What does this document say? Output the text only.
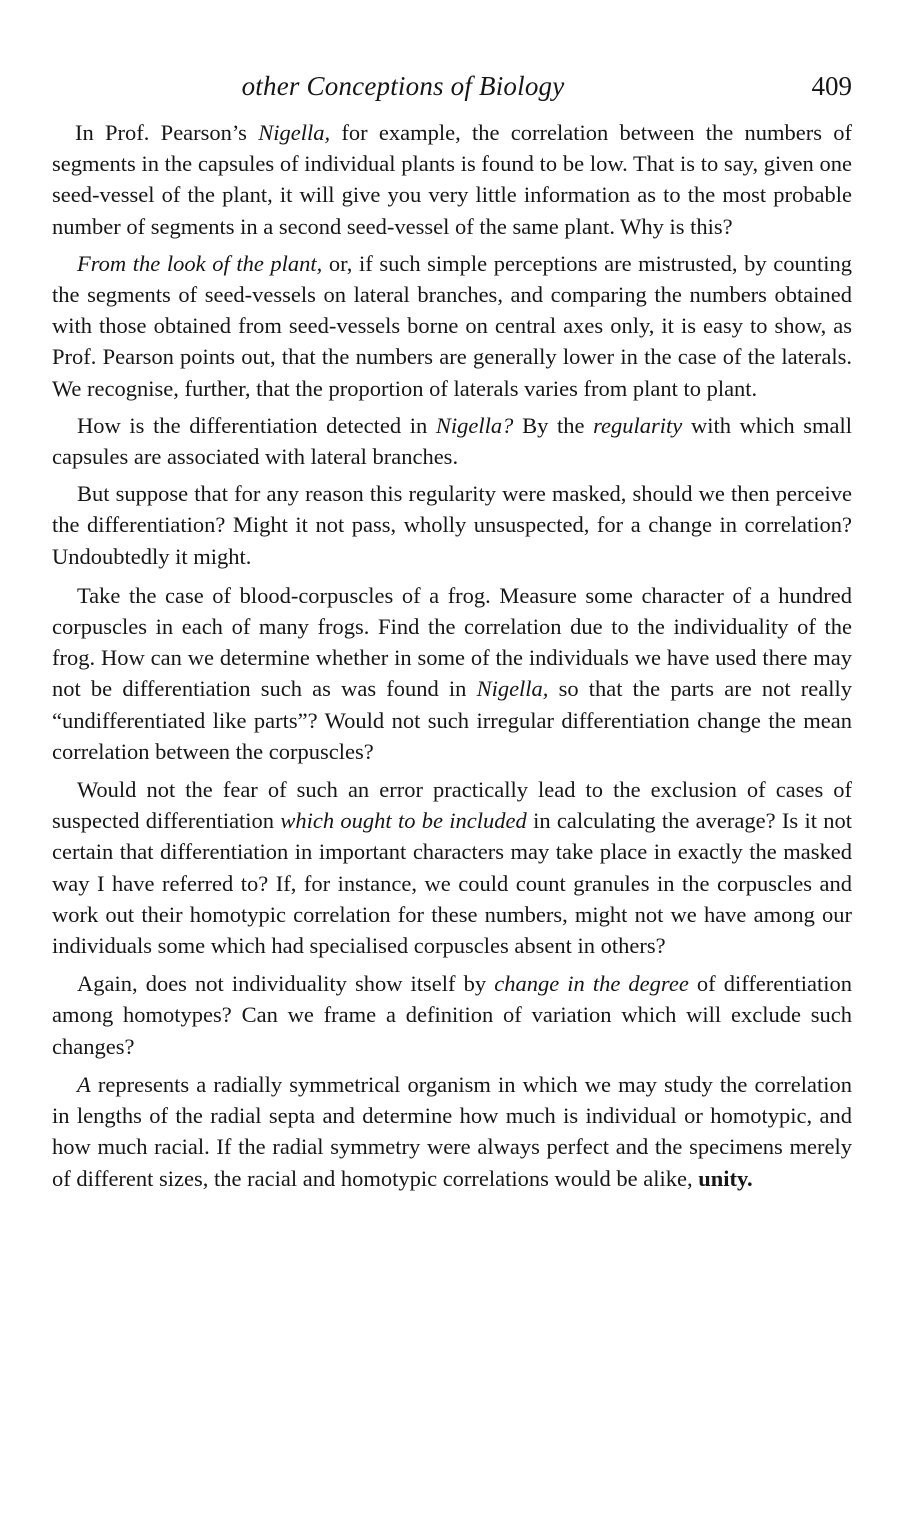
other Conceptions of Biology	409

In Prof. Pearson’s Nigella, for example, the correlation between the numbers of segments in the capsules of individual plants is found to be low. That is to say, given one seed-vessel of the plant, it will give you very little information as to the most probable number of segments in a second seed-vessel of the same plant. Why is this?

From the look of the plant, or, if such simple perceptions are mistrusted, by counting the segments of seed-vessels on lateral branches, and comparing the numbers obtained with those obtained from seed-vessels borne on central axes only, it is easy to show, as Prof. Pearson points out, that the numbers are generally lower in the case of the laterals. We recognise, further, that the proportion of laterals varies from plant to plant.

How is the differentiation detected in Nigella? By the regularity with which small capsules are associated with lateral branches.

But suppose that for any reason this regularity were masked, should we then perceive the differentiation? Might it not pass, wholly unsuspected, for a change in correlation? Undoubtedly it might.

Take the case of blood-corpuscles of a frog. Measure some character of a hundred corpuscles in each of many frogs. Find the correlation due to the individuality of the frog. How can we determine whether in some of the individuals we have used there may not be differentiation such as was found in Nigella, so that the parts are not really “undifferentiated like parts”? Would not such irregular differentiation change the mean correlation between the corpuscles?

Would not the fear of such an error practically lead to the exclusion of cases of suspected differentiation which ought to be included in calculating the average? Is it not certain that differentiation in important characters may take place in exactly the masked way I have referred to? If, for instance, we could count granules in the corpuscles and work out their homotypic correlation for these numbers, might not we have among our individuals some which had specialised corpuscles absent in others?

Again, does not individuality show itself by change in the degree of differentiation among homotypes? Can we frame a definition of variation which will exclude such changes?

A represents a radially symmetrical organism in which we may study the correlation in lengths of the radial septa and determine how much is individual or homotypic, and how much racial. If the radial symmetry were always perfect and the specimens merely of different sizes, the racial and homotypic correlations would be alike, unity.
